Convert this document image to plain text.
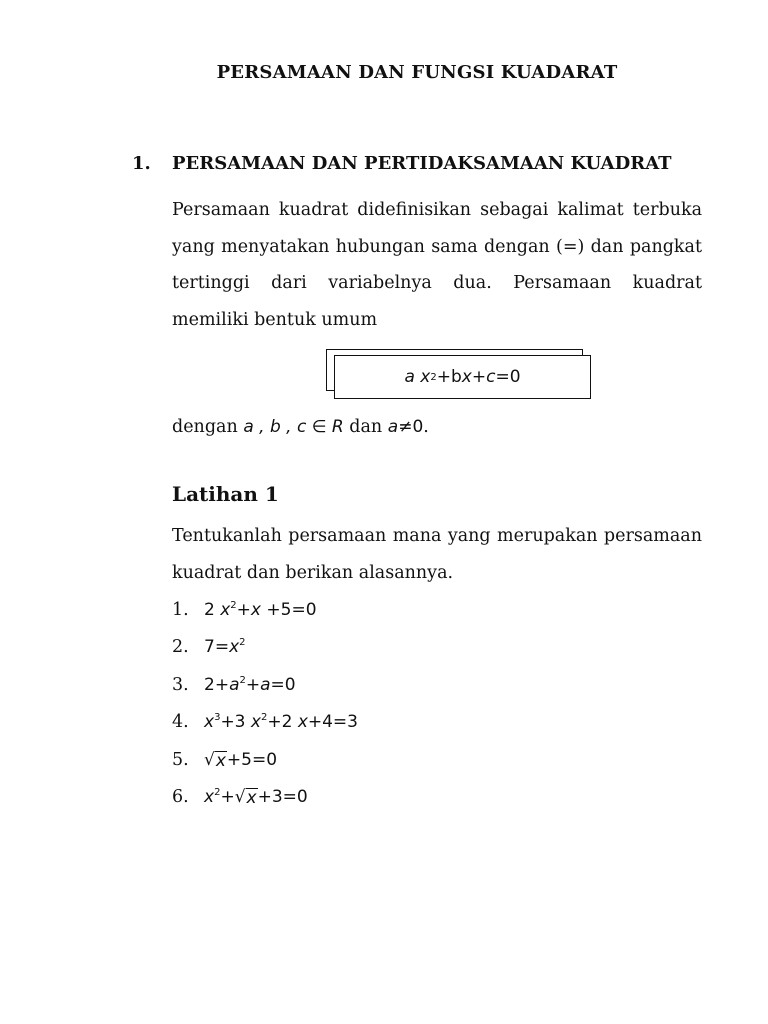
PERSAMAAN DAN FUNGSI KUADARAT
1. PERSAMAAN DAN PERTIDAKSAMAAN KUADRAT
Persamaan kuadrat didefinisikan sebagai kalimat terbuka yang menyatakan hubungan sama dengan (=) dan pangkat tertinggi dari variabelnya dua. Persamaan kuadrat memiliki bentuk umum
a
x 2 +b x + c =0
dengan a , b , c ∈ R dan a≠0.
Latihan 1
Tentukanlah persamaan mana yang merupakan persamaan kuadrat dan berikan alasannya.
1. 2 $x^2+x +5=0$
2. $7=x^2$
3. $2+a^2+a=0$
4. $x^3+3$ $x^2+2$ x+4=3
5. √ x +5=0
6. $x^2+$ √ x +3=0
